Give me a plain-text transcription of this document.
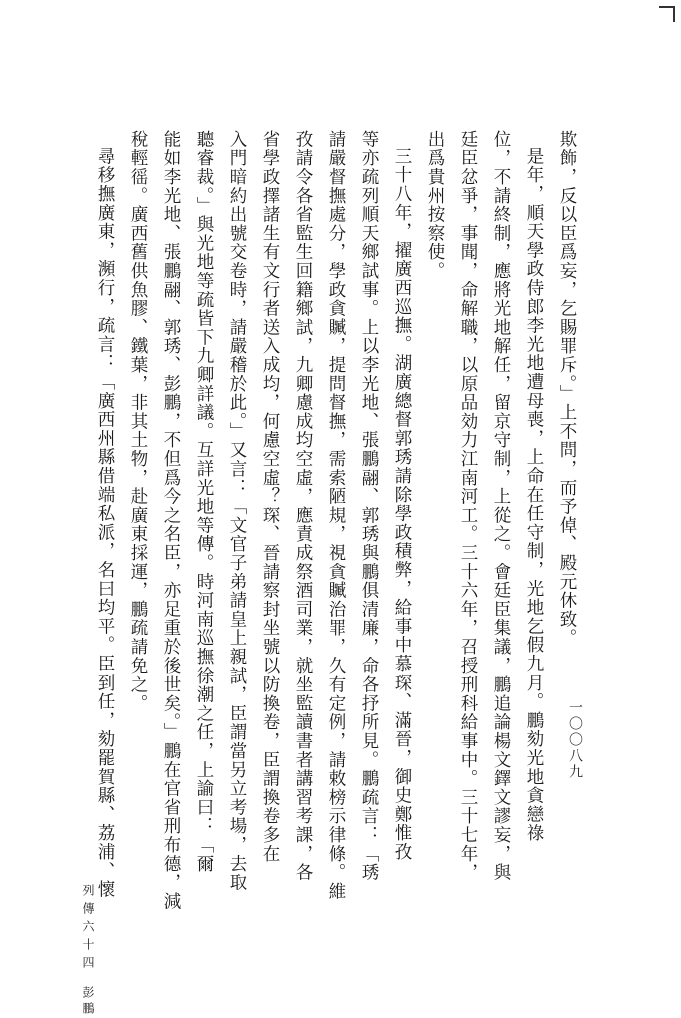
欺飾，反以臣爲妄，乞賜罪斥。」上不問，而予倬、殿元休致。

是年，順天學政侍郎李光地遭母喪，上命在任守制，光地乞假九月。鵬劾光地貪戀祿

位，不請終制，應將光地解任，留京守制，上從之。會廷臣集議，鵬追論楊文鐸文謬妄，與

廷臣忿爭，事聞，命解職，以原品効力江南河工。三十六年，召授刑科給事中。三十七年，

出爲貴州按察使。

三十八年，擢廣西巡撫。湖廣總督郭琇請除學政積弊，給事中慕琛、滿晉，御史鄭惟孜

等亦疏列順天鄉試事。上以李光地、張鵬翮、郭琇與鵬俱清廉，命各抒所見。鵬疏言：「琇

請嚴督撫處分，學政貪贓，提問督撫，需索陋規，視貪贓治罪，久有定例，請敕榜示律條。維

孜請令各省監生回籍鄉試，九卿慮成均空虛，應責成祭酒司業，就坐監讀書者講習考課，各

省學政擇諸生有文行者送入成均，何慮空虛？琛、晉請察封坐號以防換卷，臣謂換卷多在

入門暗約出號交卷時，請嚴稽於此。」又言：「文官子弟請皇上親試，臣謂當另立考場，去取

聽睿裁。」與光地等疏皆下九卿詳議。互詳光地等傳。時河南巡撫徐潮之任，上諭曰：「爾

能如李光地、張鵬翮、郭琇、彭鵬，不但爲今之名臣，亦足重於後世矣。」鵬在官省刑布德，減

稅輕徭。廣西舊供魚膠、鐵葉，非其土物，赴廣東採運，鵬疏請免之。

尋移撫廣東，瀕行，疏言：「廣西州縣借端私派，名曰均平。臣到任，劾罷賀縣、荔浦、懷	一〇〇八九
列傳六十四
彭鵬
